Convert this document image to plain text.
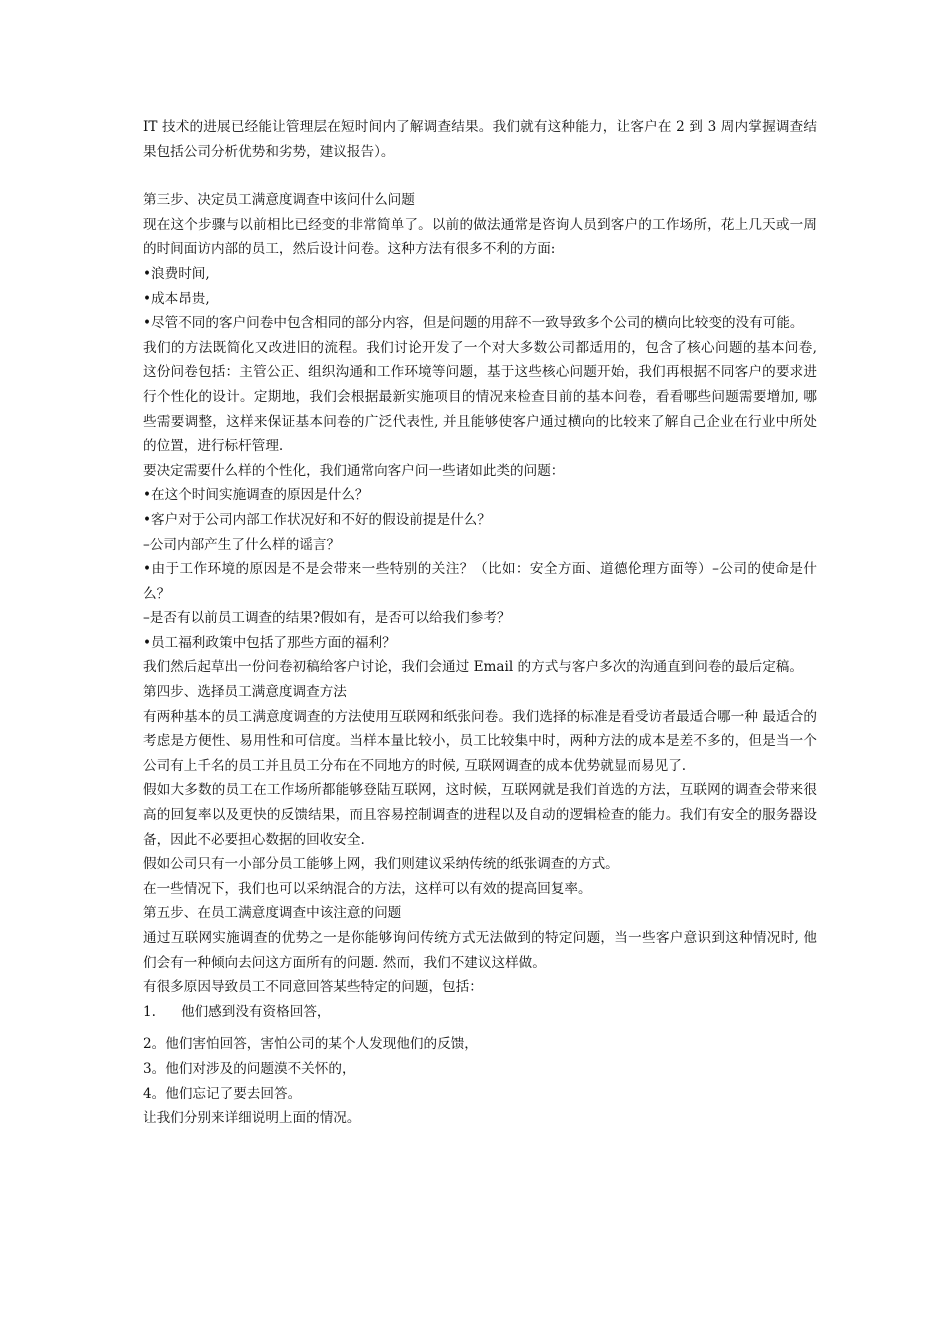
IT 技术的进展已经能让管理层在短时间内了解调查结果。我们就有这种能力，让客户在 2 到 3 周内掌握调查结果包括公司分析优势和劣势，建议报告）。

第三步、决定员工满意度调查中该问什么问题

现在这个步骤与以前相比已经变的非常简单了。以前的做法通常是咨询人员到客户的工作场所，花上几天或一周的时间面访内部的员工，然后设计问卷。这种方法有很多不利的方面:

•浪费时间,

•成本昂贵,

•尽管不同的客户问卷中包含相同的部分内容，但是问题的用辞不一致导致多个公司的横向比较变的没有可能。

我们的方法既简化又改进旧的流程。我们讨论开发了一个对大多数公司都适用的，包含了核心问题的基本问卷, 这份问卷包括：主管公正、组织沟通和工作环境等问题，基于这些核心问题开始，我们再根据不同客户的要求进行个性化的设计。定期地，我们会根据最新实施项目的情况来检查目前的基本问卷，看看哪些问题需要增加, 哪些需要调整，这样来保证基本问卷的广泛代表性, 并且能够使客户通过横向的比较来了解自己企业在行业中所处的位置，进行标杆管理.

要决定需要什么样的个性化，我们通常向客户问一些诸如此类的问题：

•在这个时间实施调查的原因是什么？

•客户对于公司内部工作状况好和不好的假设前提是什么？

–公司内部产生了什么样的谣言？

•由于工作环境的原因是不是会带来一些特别的关注？（比如：安全方面、道德伦理方面等）–公司的使命是什么？

–是否有以前员工调查的结果?假如有，是否可以给我们参考？

•员工福利政策中包括了那些方面的福利？

我们然后起草出一份问卷初稿给客户讨论，我们会通过 Email 的方式与客户多次的沟通直到问卷的最后定稿。

第四步、选择员工满意度调查方法

有两种基本的员工满意度调查的方法使用互联网和纸张问卷。我们选择的标准是看受访者最适合哪一种 最适合的考虑是方便性、易用性和可信度。当样本量比较小，员工比较集中时，两种方法的成本是差不多的，但是当一个公司有上千名的员工并且员工分布在不同地方的时候, 互联网调查的成本优势就显而易见了.

假如大多数的员工在工作场所都能够登陆互联网，这时候，互联网就是我们首选的方法，互联网的调查会带来很高的回复率以及更快的反馈结果，而且容易控制调查的进程以及自动的逻辑检查的能力。我们有安全的服务器设备，因此不必要担心数据的回收安全.

假如公司只有一小部分员工能够上网，我们则建议采纳传统的纸张调查的方式。

在一些情况下，我们也可以采纳混合的方法，这样可以有效的提高回复率。

第五步、在员工满意度调查中该注意的问题

通过互联网实施调查的优势之一是你能够询问传统方式无法做到的特定问题，当一些客户意识到这种情况时, 他们会有一种倾向去问这方面所有的问题. 然而，我们不建议这样做。

有很多原因导致员工不同意回答某些特定的问题，包括：

1.	他们感到没有资格回答，

2。他们害怕回答，害怕公司的某个人发现他们的反馈，

3。他们对涉及的问题漠不关怀的，

4。他们忘记了要去回答。

让我们分别来详细说明上面的情况。
